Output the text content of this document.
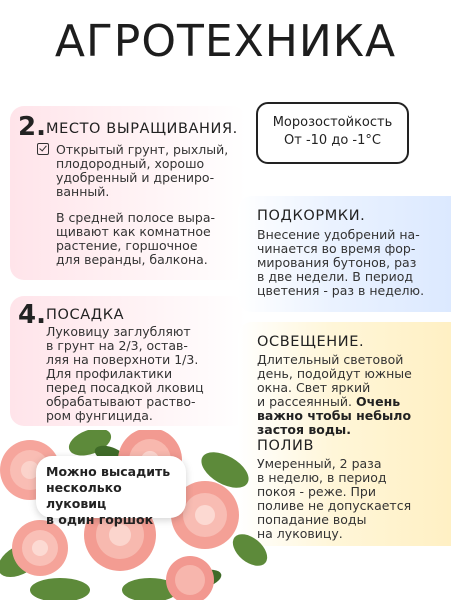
АГРОТЕХНИКА
Морозостойкость
От -10 до -1°С
2. МЕСТО ВЫРАЩИВАНИЯ.
Открытый грунт, рыхлый,
плодородный, хорошо
удобренный и дрениро-
ванный.
В средней полосе выра-
щивают как комнатное
растение, горшочное
для веранды, балкона.
ПОДКОРМКИ.
Внесение удобрений на-
чинается во время фор-
мирования бутонов, раз
в две недели. В период
цветения - раз в неделю.
4. ПОСАДКА
Луковицу заглубляют
в грунт на 2/3, остав-
ляя на поверхноти 1/3.
Для профилактики
перед посадкой лковиц
обрабатывают раство-
ром фунгицида.
ОСВЕЩЕНИЕ.
Длительный световой
день, подойдут южные
окна. Свет яркий
и рассеянный. Очень
важно чтобы небыло
застоя воды.
ПОЛИВ
Умеренный, 2 раза
в неделю, в период
покоя - реже. При
поливе не допускается
попадание воды
на луковицу.
Можно высадить
несколько луковиц
в один горшок
